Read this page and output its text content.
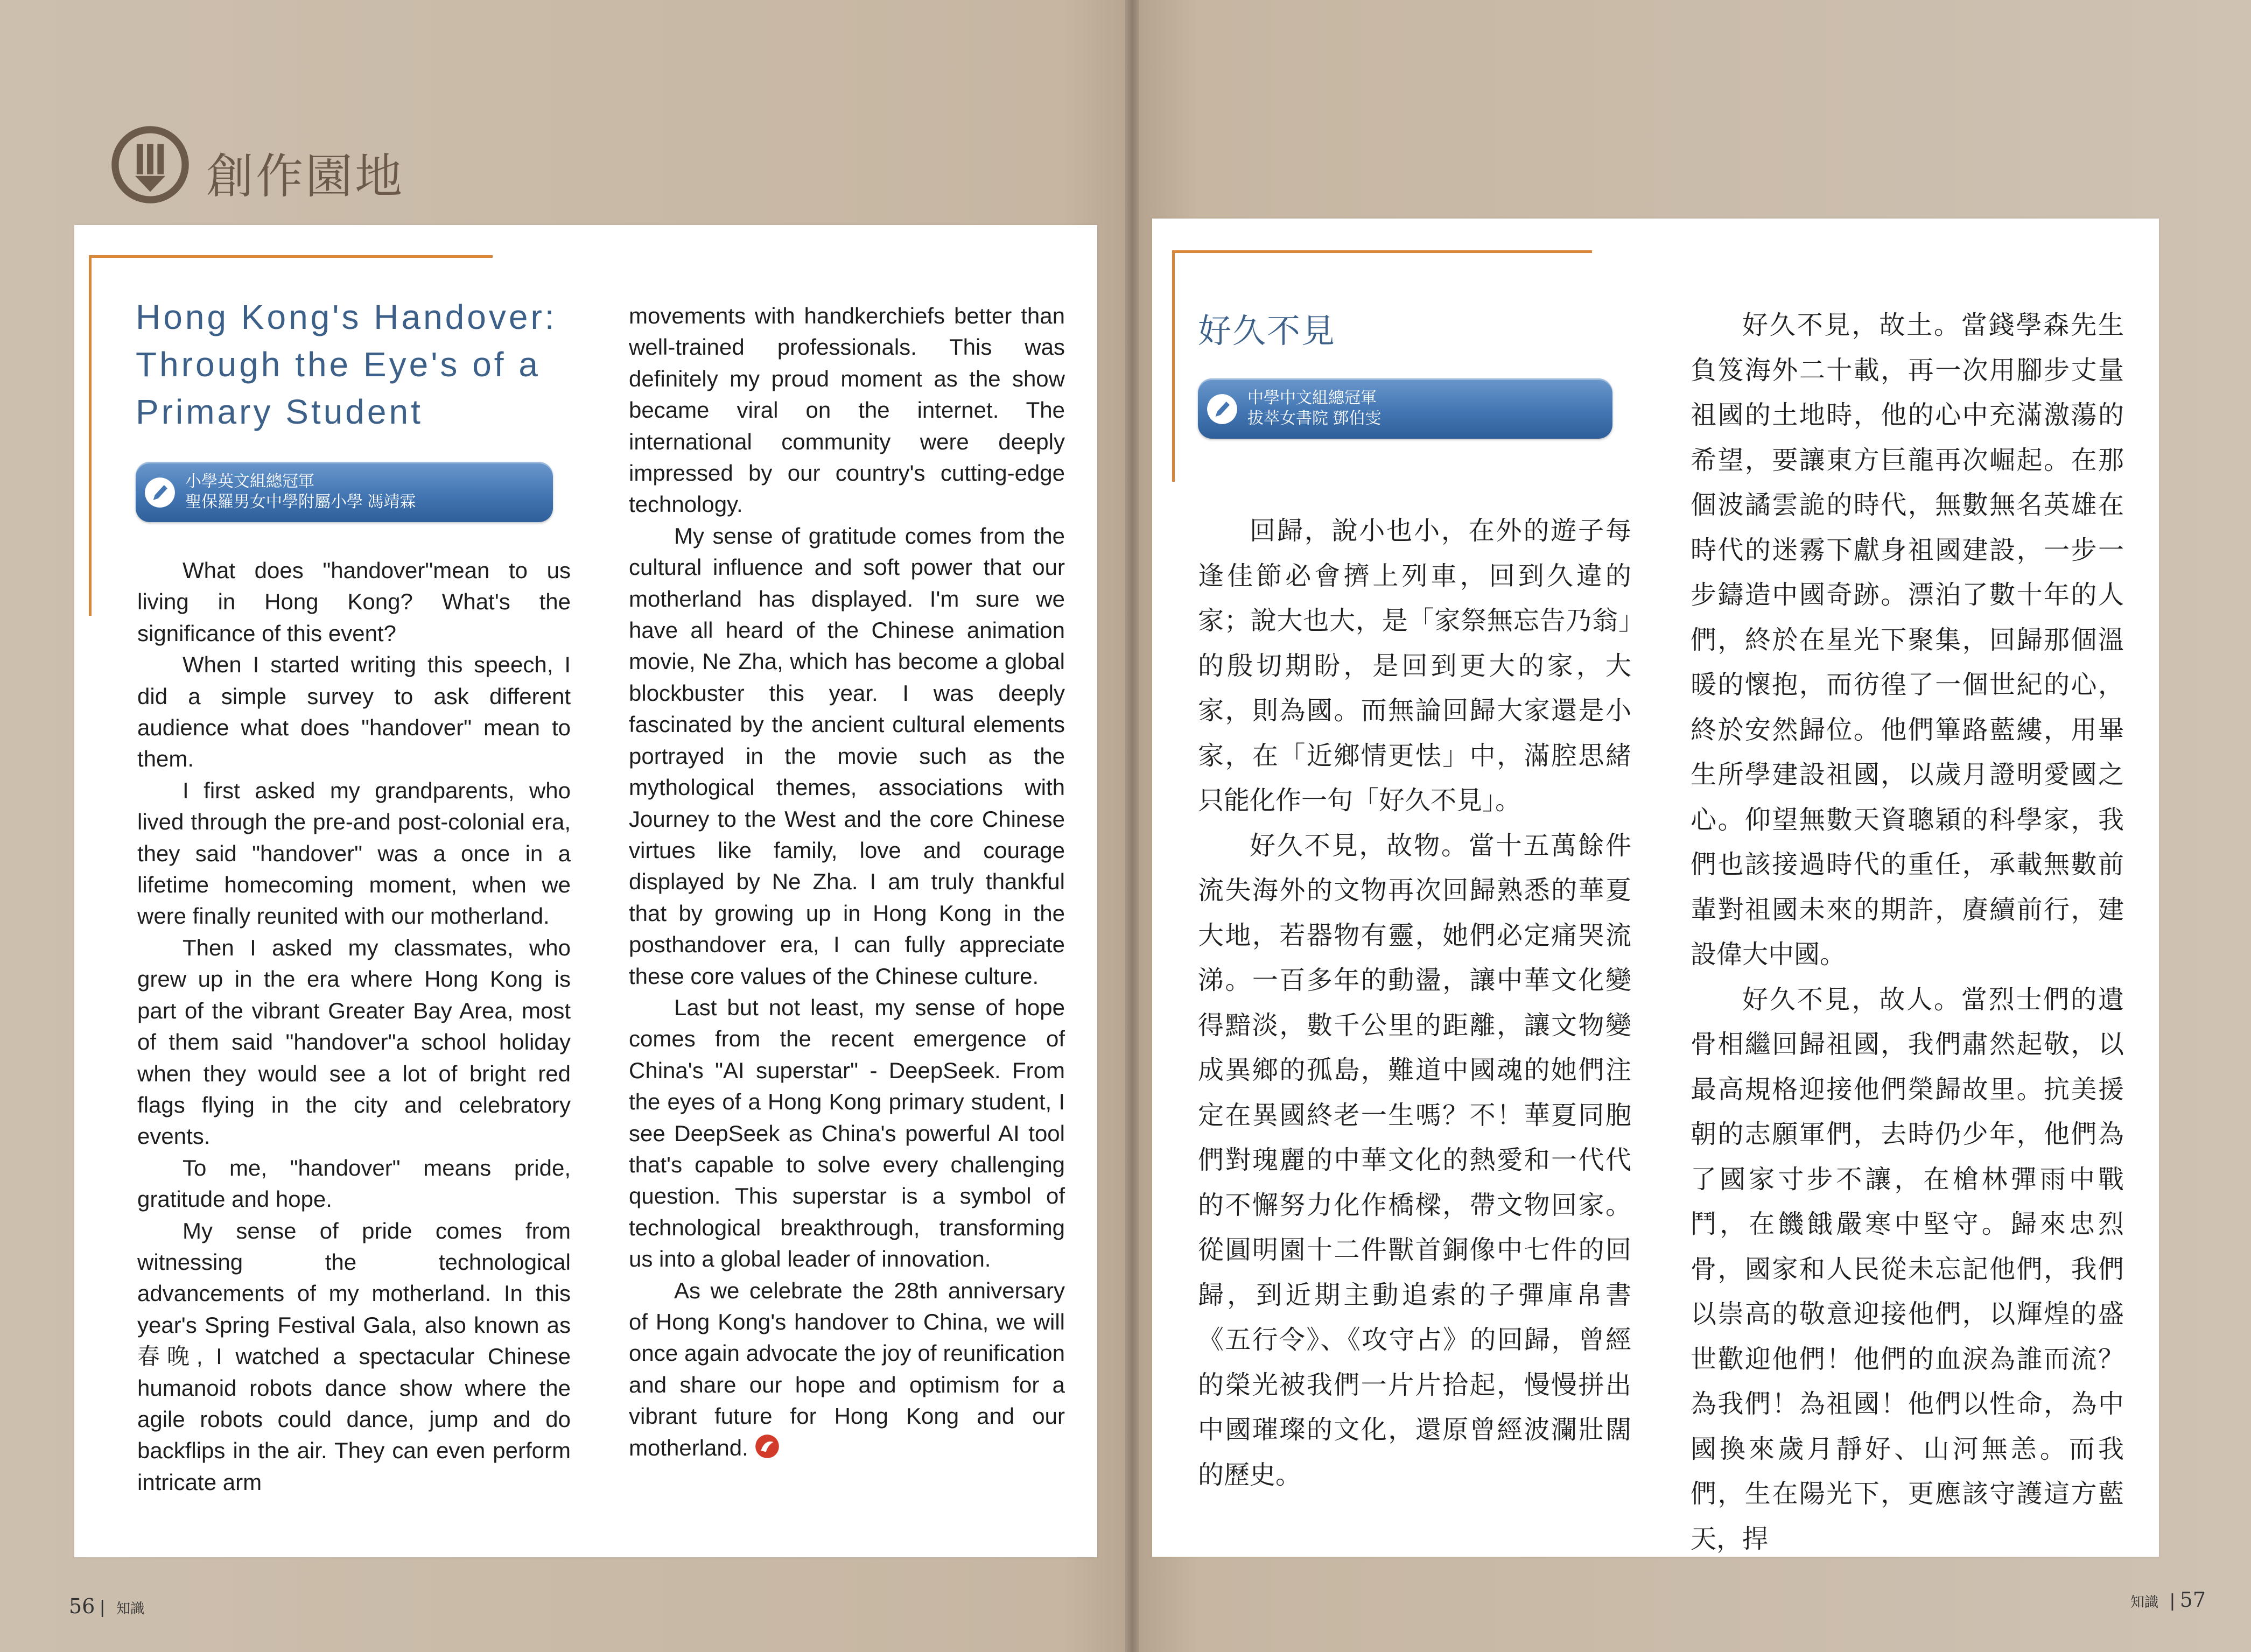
創作園地
Hong Kong's Handover: Through the Eye's of a Primary Student
小學英文組總冠軍
聖保羅男女中學附屬小學 馮靖霖

What does "handover"mean to us living in Hong Kong? What's the significance of this event?

When I started writing this speech, I did a simple survey to ask different audience what does "handover" mean to them.

I first asked my grandparents, who lived through the pre-and post-colonial era, they said "handover" was a once in a lifetime homecoming moment, when we were finally reunited with our motherland.

Then I asked my classmates, who grew up in the era where Hong Kong is part of the vibrant Greater Bay Area, most of them said "handover"a school holiday when they would see a lot of bright red flags flying in the city and celebratory events.

To me, "handover" means pride, gratitude and hope.

My sense of pride comes from witnessing the technological advancements of my motherland. In this year's Spring Festival Gala, also known as 春晚, I watched a spectacular Chinese humanoid robots dance show where the agile robots could dance, jump and do backflips in the air. They can even perform intricate arm

movements with handkerchiefs better than well-trained professionals. This was definitely my proud moment as the show became viral on the internet. The international community were deeply impressed by our country's cutting-edge technology.

My sense of gratitude comes from the cultural influence and soft power that our motherland has displayed. I'm sure we have all heard of the Chinese animation movie, Ne Zha, which has become a global blockbuster this year. I was deeply fascinated by the ancient cultural elements portrayed in the movie such as the mythological themes, associations with Journey to the West and the core Chinese virtues like family, love and courage displayed by Ne Zha. I am truly thankful that by growing up in Hong Kong in the posthandover era, I can fully appreciate these core values of the Chinese culture.

Last but not least, my sense of hope comes from the recent emergence of China's "AI superstar" - DeepSeek. From the eyes of a Hong Kong primary student, I see DeepSeek as China's powerful AI tool that's capable to solve every challenging question. This superstar is a symbol of technological breakthrough, transforming us into a global leader of innovation.

As we celebrate the 28th anniversary of Hong Kong's handover to China, we will once again advocate the joy of reunification and share our hope and optimism for a vibrant future for Hong Kong and our motherland.

好久不見
中學中文組總冠軍
拔萃女書院 鄧伯雯

回歸，說小也小，在外的遊子每逢佳節必會擠上列車，回到久違的家；說大也大，是「家祭無忘告乃翁」的殷切期盼，是回到更大的家，大家，則為國。而無論回歸大家還是小家，在「近鄉情更怯」中，滿腔思緒只能化作一句「好久不見」。

好久不見，故物。當十五萬餘件流失海外的文物再次回歸熟悉的華夏大地，若器物有靈，她們必定痛哭流涕。一百多年的動盪，讓中華文化變得黯淡，數千公里的距離，讓文物變成異鄉的孤島，難道中國魂的她們注定在異國終老一生嗎？不！華夏同胞們對瑰麗的中華文化的熱愛和一代代的不懈努力化作橋樑，帶文物回家。從圓明園十二件獸首銅像中七件的回歸，到近期主動追索的子彈庫帛書《五行令》、《攻守占》的回歸，曾經的榮光被我們一片片拾起，慢慢拼出中國璀璨的文化，還原曾經波瀾壯闊的歷史。

好久不見，故土。當錢學森先生負笈海外二十載，再一次用腳步丈量祖國的土地時，他的心中充滿激蕩的希望，要讓東方巨龍再次崛起。在那個波譎雲詭的時代，無數無名英雄在時代的迷霧下獻身祖國建設，一步一步鑄造中國奇跡。漂泊了數十年的人們，終於在星光下聚集，回歸那個溫暖的懷抱，而彷徨了一個世紀的心，終於安然歸位。他們篳路藍縷，用畢生所學建設祖國，以歲月證明愛國之心。仰望無數天資聰穎的科學家，我們也該接過時代的重任，承載無數前輩對祖國未來的期許，賡續前行，建設偉大中國。

好久不見，故人。當烈士們的遺骨相繼回歸祖國，我們肅然起敬，以最高規格迎接他們榮歸故里。抗美援朝的志願軍們，去時仍少年，他們為了國家寸步不讓，在槍林彈雨中戰鬥，在饑餓嚴寒中堅守。歸來忠烈骨，國家和人民從未忘記他們，我們以崇高的敬意迎接他們，以輝煌的盛世歡迎他們！他們的血淚為誰而流？為我們！為祖國！他們以性命，為中國換來歲月靜好、山河無恙。而我們，生在陽光下，更應該守護這方藍天，捍

56 | 知識	知識 | 57
